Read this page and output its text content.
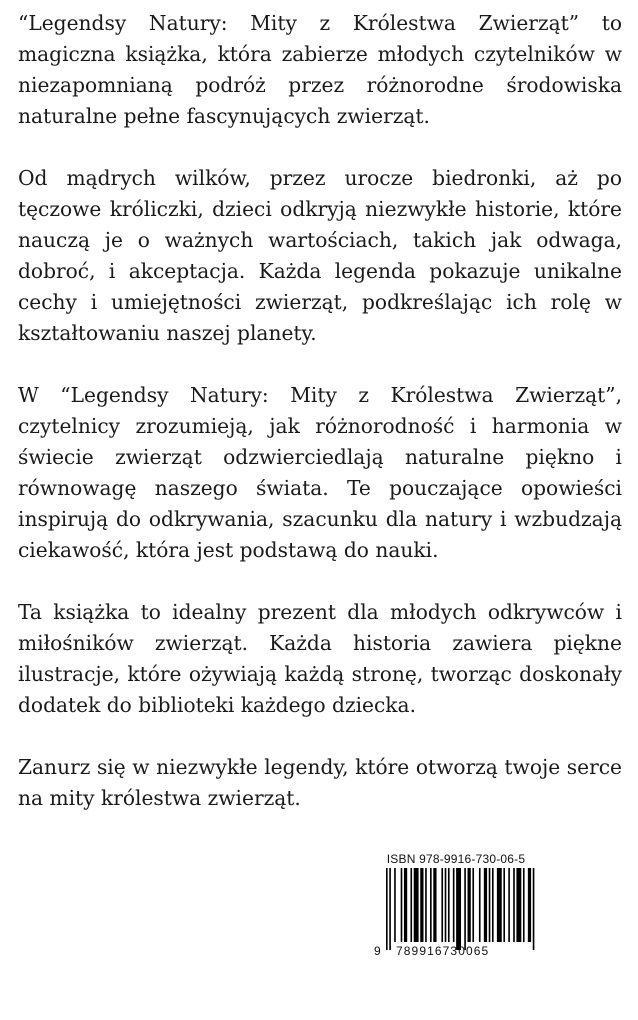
“Legendsy Natury: Mity z Królestwa Zwierząt” to magiczna książka, która zabierze młodych czytelników w niezapomnianą podróż przez różnorodne środowiska naturalne pełne fascynujących zwierząt.

Od mądrych wilków, przez urocze biedronki, aż po tęczowe króliczki, dzieci odkryją niezwykłe historie, które nauczą je o ważnych wartościach, takich jak odwaga, dobroć, i akceptacja. Każda legenda pokazuje unikalne cechy i umiejętności zwierząt, podkreślając ich rolę w kształtowaniu naszej planety.

W “Legendsy Natury: Mity z Królestwa Zwierząt”, czytelnicy zrozumieją, jak różnorodność i harmonia w świecie zwierząt odzwierciedlają naturalne piękno i równowagę naszego świata. Te pouczające opowieści inspirują do odkrywania, szacunku dla natury i wzbudzają ciekawość, która jest podstawą do nauki.

Ta książka to idealny prezent dla młodych odkrywców i miłośników zwierząt. Każda historia zawiera piękne ilustracje, które ożywiają każdą stronę, tworząc doskonały dodatek do biblioteki każdego dziecka.

Zanurz się w niezwykłe legendy, które otworzą twoje serce na mity królestwa zwierząt.

ISBN 978-9916-730-06-5
9 789916730065
